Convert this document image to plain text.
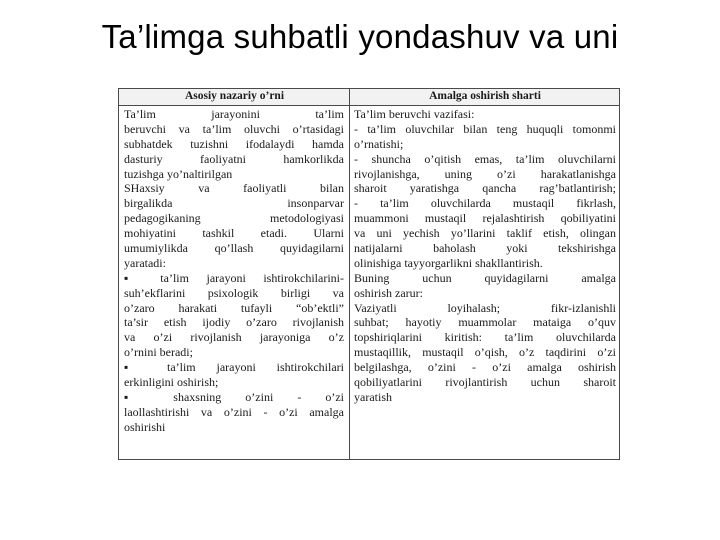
Ta’limga suhbatli yondashuv va uni
Asosiy nazariy o’rni	Amalga oshirish sharti
Ta’lim jarayonini ta’lim
beruvchi va ta’lim oluvchi o’rtasidagi
subhatdek tuzishni ifodalaydi hamda
dasturiy faoliyatni hamkorlikda
tuzishga yo’naltirilgan
SHaxsiy va faoliyatli bilan
birgalikda insonparvar
pedagogikaning metodologiyasi
mohiyatini tashkil etadi. Ularni
umumiylikda qo’llash quyidagilarni
yaratadi:
▪ ta’lim jarayoni ishtirokchilarini-
suh’ekflarini psixologik birligi va
o’zaro harakati tufayli “ob’ektli”
ta’sir etish ijodiy o’zaro rivojlanish
va o’zi rivojlanish jarayoniga o’z
o’rnini beradi;
▪ ta’lim jarayoni ishtirokchilari
erkinligini oshirish;
▪ shaxsning o’zini - o’zi
laollashtirishi va o’zini - o’zi amalga
oshirishi
Ta’lim beruvchi vazifasi:
- ta’lim oluvchilar bilan teng huquqli tomonmi
o’rnatishi;
- shuncha o’qitish emas, ta’lim oluvchilarni
rivojlanishga, uning o’zi harakatlanishga
sharoit yaratishga qancha rag’batlantirish;
- ta’lim oluvchilarda mustaqil fikrlash,
muammoni mustaqil rejalashtirish qobiliyatini
va uni yechish yo’llarini taklif etish, olingan
natijalarni baholash yoki tekshirishga
olinishiga tayyorgarlikni shakllantirish.
Buning uchun quyidagilarni amalga
oshirish zarur:
Vaziyatli loyihalash; fikr-izlanishli
suhbat; hayotiy muammolar mataiga o’quv
topshiriqlarini kiritish: ta’lim oluvchilarda
mustaqillik, mustaqil o’qish, o’z taqdirini o’zi
belgilashga, o’zini - o’zi amalga oshirish
qobiliyatlarini rivojlantirish uchun sharoit
yaratish
